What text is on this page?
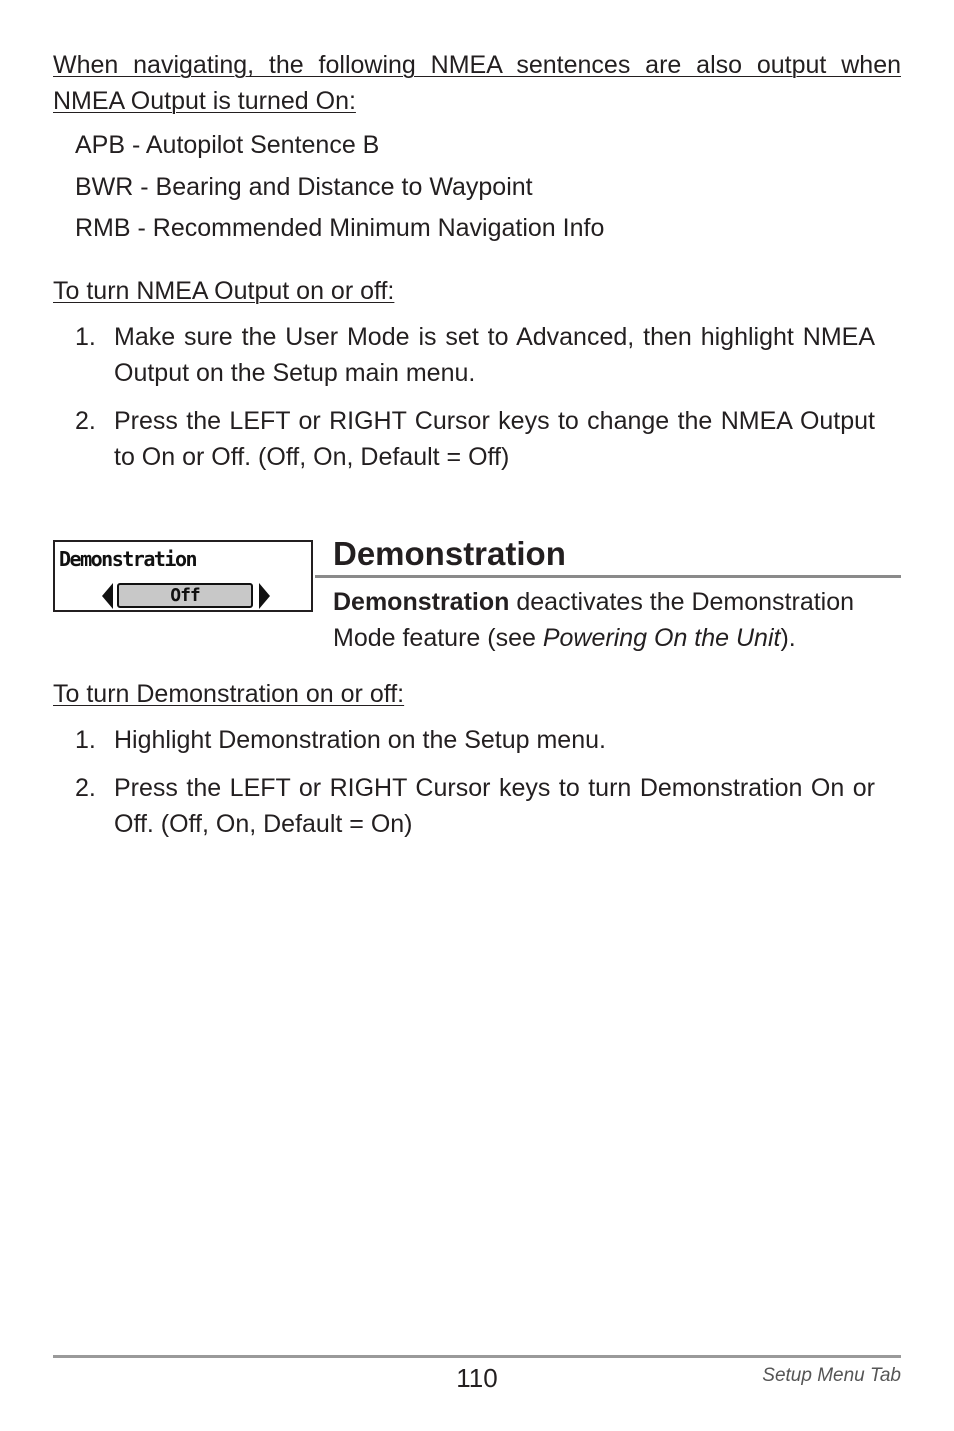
When navigating, the following NMEA sentences are also output when NMEA Output is turned On:
APB - Autopilot Sentence B
BWR - Bearing and Distance to Waypoint
RMB - Recommended Minimum Navigation Info
To turn NMEA Output on or off:
1. Make sure the User Mode is set to Advanced, then highlight NMEA Output on the Setup main menu.
2. Press the LEFT or RIGHT Cursor keys to change the NMEA Output to On or Off. (Off, On, Default = Off)
Demonstration
Off
Demonstration
Demonstration deactivates the Demonstration Mode feature (see Powering On the Unit).
To turn Demonstration on or off:
1. Highlight Demonstration on the Setup menu.
2. Press the LEFT or RIGHT Cursor keys to turn Demonstration On or Off. (Off, On, Default = On)
110	Setup Menu Tab
